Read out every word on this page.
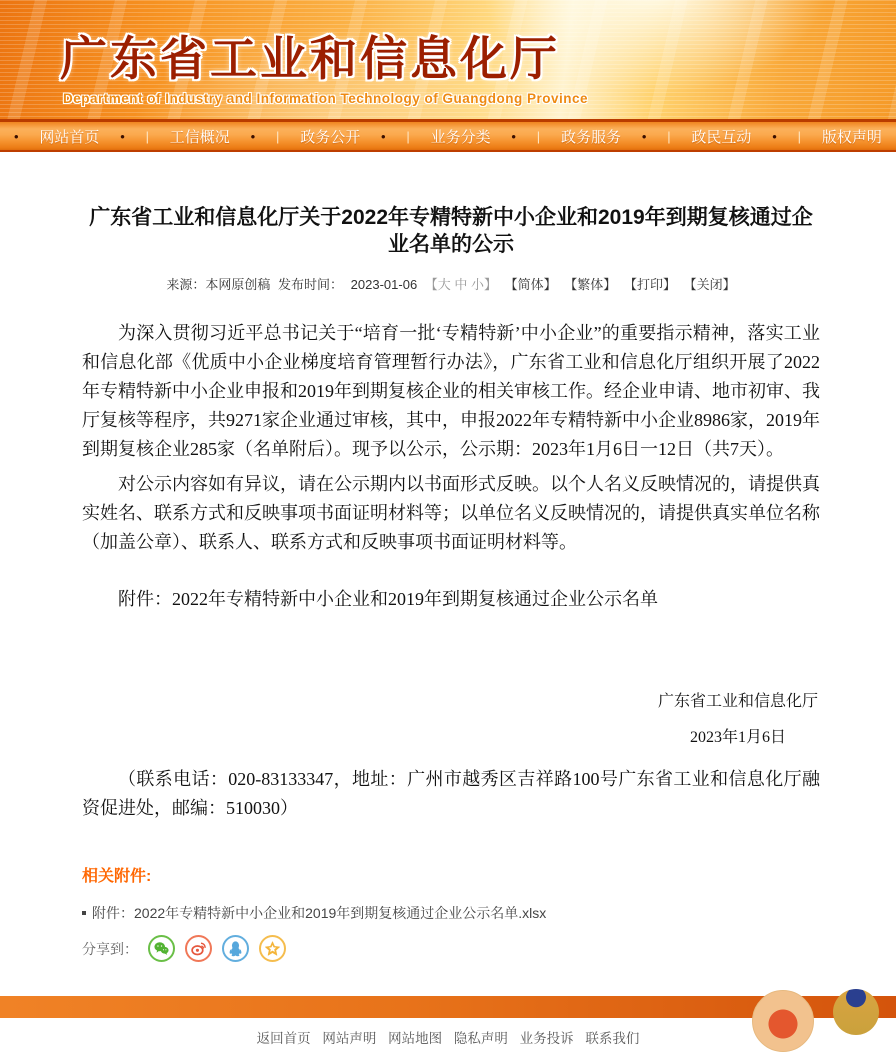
广东省工业和信息化厅
Department of Industry and Information Technology of Guangdong Province
• 网站首页 • | 工信概况 • | 政务公开 • | 业务分类 • | 政务服务 • | 政民互动 • | 版权声明
广东省工业和信息化厅关于2022年专精特新中小企业和2019年到期复核通过企业名单的公示
来源：本网原创稿 发布时间： 2023-01-06 【大 中 小】 【简体】 【繁体】 【打印】 【关闭】

为深入贯彻习近平总书记关于“培育一批‘专精特新’中小企业”的重要指示精神，落实工业和信息化部《优质中小企业梯度培育管理暂行办法》，广东省工业和信息化厅组织开展了2022年专精特新中小企业申报和2019年到期复核企业的相关审核工作。经企业申请、地市初审、我厅复核等程序，共9271家企业通过审核，其中，申报2022年专精特新中小企业8986家，2019年到期复核企业285家（名单附后）。现予以公示，公示期：2023年1月6日一12日（共7天）。

对公示内容如有异议，请在公示期内以书面形式反映。以个人名义反映情况的，请提供真实姓名、联系方式和反映事项书面证明材料等；以单位名义反映情况的，请提供真实单位名称（加盖公章）、联系人、联系方式和反映事项书面证明材料等。

附件：2022年专精特新中小企业和2019年到期复核通过企业公示名单

广东省工业和信息化厅
2023年1月6日

（联系电话：020-83133347，地址：广州市越秀区吉祥路100号广东省工业和信息化厅融资促进处，邮编：510030）

相关附件:
附件：2022年专精特新中小企业和2019年到期复核通过企业公示名单.xlsx
分享到：
返回首页 网站声明 网站地图 隐私声明 业务投诉 联系我们
